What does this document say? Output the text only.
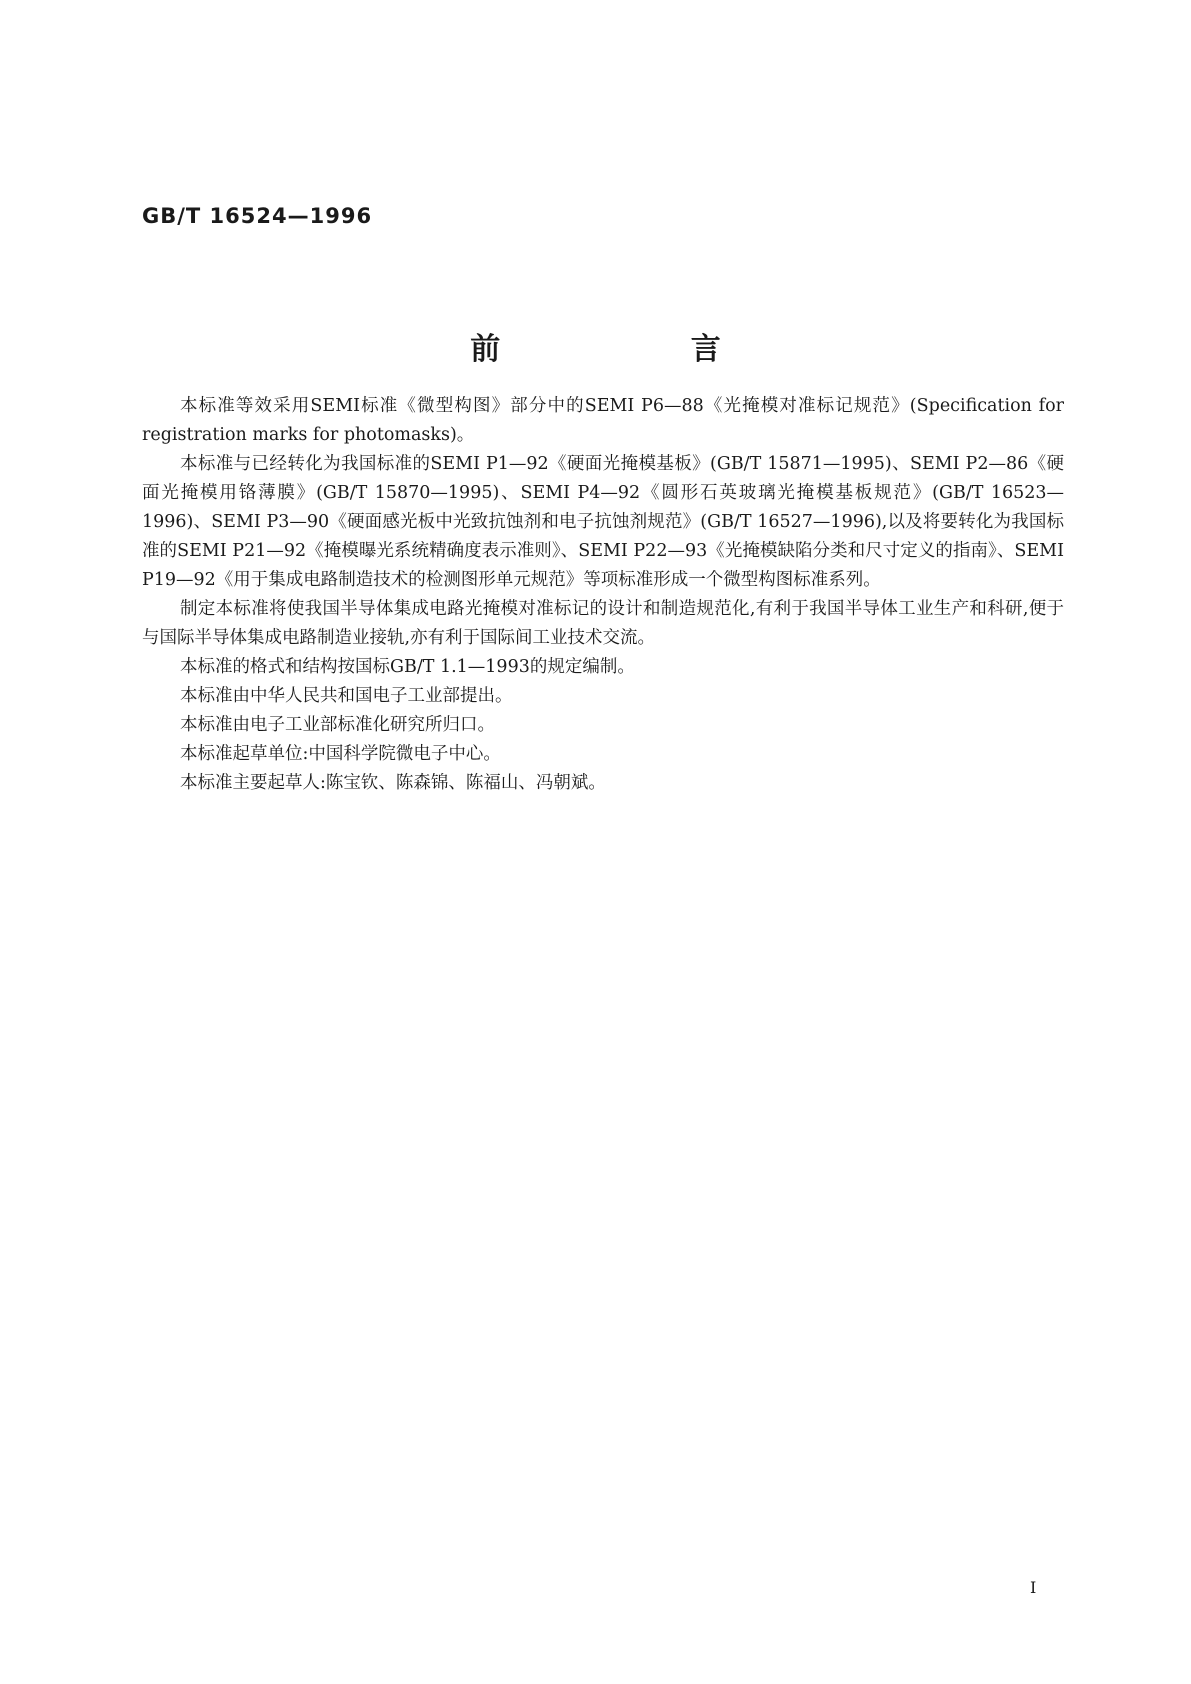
GB/T 16524—1996
前 言

本标准等效采用SEMI标准《微型构图》部分中的SEMI P6—88《光掩模对准标记规范》(Specification for registration marks for photomasks)。

本标准与已经转化为我国标准的SEMI P1—92《硬面光掩模基板》(GB/T 15871—1995)、SEMI P2—86《硬面光掩模用铬薄膜》(GB/T 15870—1995)、SEMI P4—92《圆形石英玻璃光掩模基板规范》(GB/T 16523—1996)、SEMI P3—90《硬面感光板中光致抗蚀剂和电子抗蚀剂规范》(GB/T 16527—1996),以及将要转化为我国标准的SEMI P21—92《掩模曝光系统精确度表示准则》、SEMI P22—93《光掩模缺陷分类和尺寸定义的指南》、SEMI P19—92《用于集成电路制造技术的检测图形单元规范》等项标准形成一个微型构图标准系列。

制定本标准将使我国半导体集成电路光掩模对准标记的设计和制造规范化,有利于我国半导体工业生产和科研,便于与国际半导体集成电路制造业接轨,亦有利于国际间工业技术交流。

本标准的格式和结构按国标GB/T 1.1—1993的规定编制。

本标准由中华人民共和国电子工业部提出。

本标准由电子工业部标准化研究所归口。

本标准起草单位:中国科学院微电子中心。

本标准主要起草人:陈宝钦、陈森锦、陈福山、冯朝斌。

I
